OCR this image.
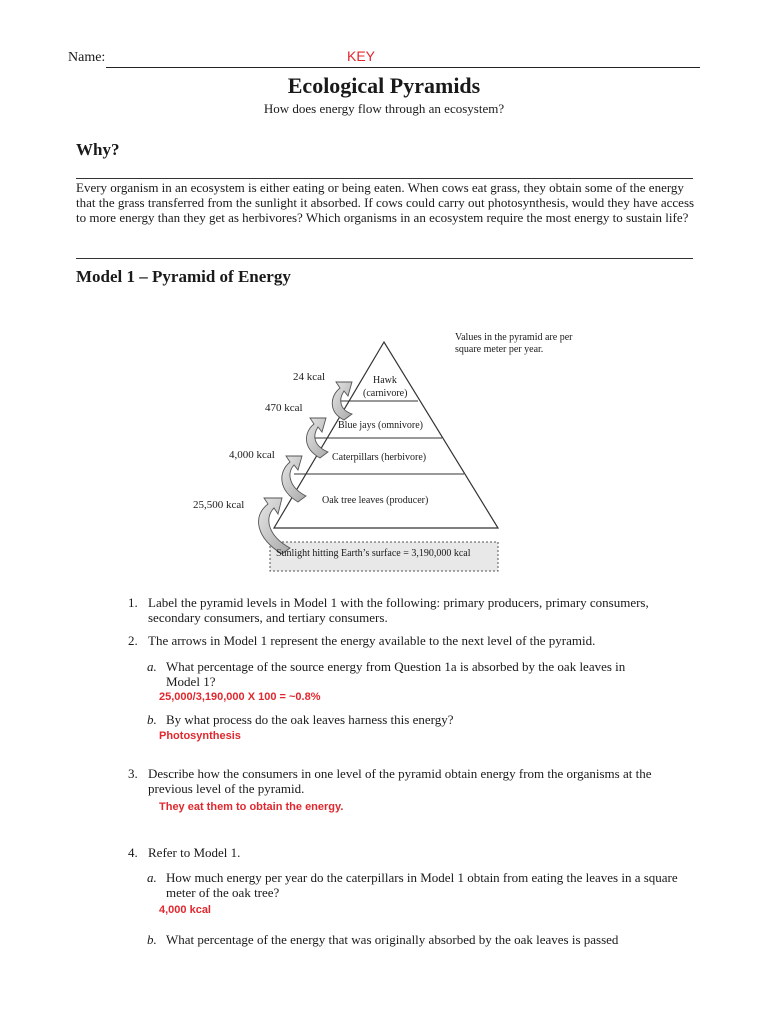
Name:	KEY
Ecological Pyramids
How does energy flow through an ecosystem?
Why?
Every organism in an ecosystem is either eating or being eaten. When cows eat grass, they obtain some of the energy that the grass transferred from the sunlight it absorbed. If cows could carry out photosynthesis, would they have access to more energy than they get as herbivores? Which organisms in an ecosystem require the most energy to sustain life?
Model 1 – Pyramid of Energy
Values in the pyramid are per square meter per year.
Hawk
(carnivore)
Blue jays (omnivore)
Caterpillars (herbivore)
Oak tree leaves (producer)
24 kcal
470 kcal
4,000 kcal
25,500 kcal
Sunlight hitting Earth’s surface = 3,190,000 kcal
1. Label the pyramid levels in Model 1 with the following: primary producers, primary consumers, secondary consumers, and tertiary consumers.
2. The arrows in Model 1 represent the energy available to the next level of the pyramid.
a. What percentage of the source energy from Question 1a is absorbed by the oak leaves in Model 1?
25,000/3,190,000 X 100 = ~0.8%
b. By what process do the oak leaves harness this energy?
Photosynthesis
3. Describe how the consumers in one level of the pyramid obtain energy from the organisms at the previous level of the pyramid.
They eat them to obtain the energy.
4. Refer to Model 1.
a. How much energy per year do the caterpillars in Model 1 obtain from eating the leaves in a square meter of the oak tree?
4,000 kcal
b. What percentage of the energy that was originally absorbed by the oak leaves is passed
